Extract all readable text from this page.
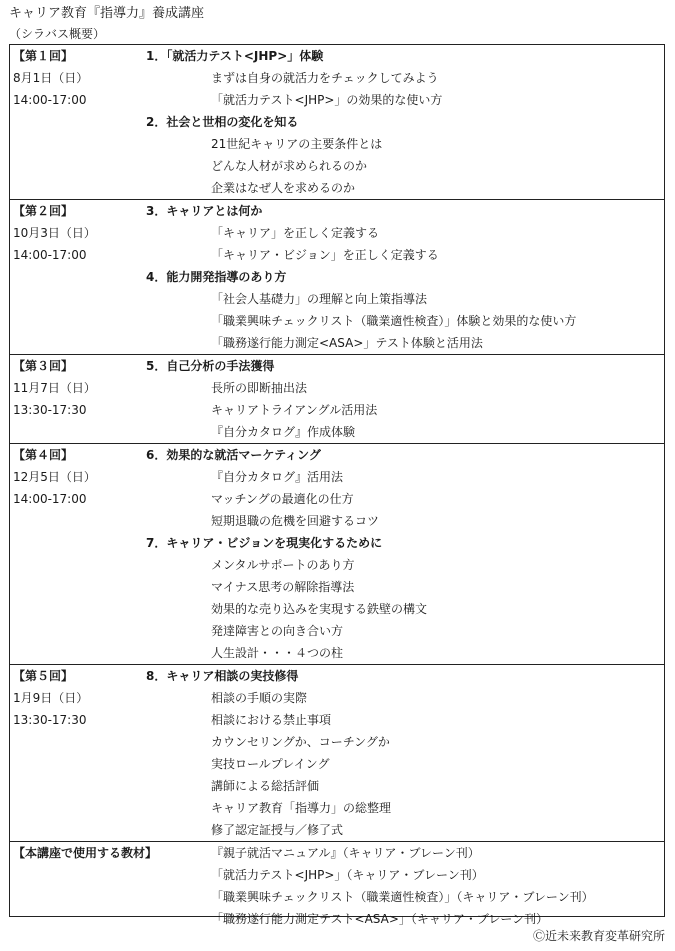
キャリア教育『指導力』養成講座
（シラバス概要）
【第１回】	1．「就活力テスト<JHP>」体験
8月1日（日）	まずは自身の就活力をチェックしてみよう
14:00-17:00	「就活力テスト<JHP>」の効果的な使い方
2．社会と世相の変化を知る
21世紀キャリアの主要条件とは
どんな人材が求められるのか
企業はなぜ人を求めるのか
【第２回】	3．キャリアとは何か
10月3日（日）	「キャリア」を正しく定義する
14:00-17:00	「キャリア・ビジョン」を正しく定義する
4．能力開発指導のあり方
「社会人基礎力」の理解と向上策指導法
「職業興味チェックリスト（職業適性検査）」体験と効果的な使い方
「職務遂行能力測定<ASA>」テスト体験と活用法
【第３回】	5．自己分析の手法獲得
11月7日（日）	長所の即断抽出法
13:30-17:30	キャリアトライアングル活用法
『自分カタログ』作成体験
【第４回】	6．効果的な就活マーケティング
12月5日（日）	『自分カタログ』活用法
14:00-17:00	マッチングの最適化の仕方
短期退職の危機を回避するコツ
7．キャリア・ビジョンを現実化するために
メンタルサポートのあり方
マイナス思考の解除指導法
効果的な売り込みを実現する鉄壁の構文
発達障害との向き合い方
人生設計・・・４つの柱
【第５回】	8．キャリア相談の実技修得
1月9日（日）	相談の手順の実際
13:30-17:30	相談における禁止事項
カウンセリングか、コーチングか
実技ロールプレイング
講師による総括評価
キャリア教育「指導力」の総整理
修了認定証授与／修了式
【本講座で使用する教材】	『親子就活マニュアル』（キャリア・ブレーン刊）
「就活力テスト<JHP>」（キャリア・ブレーン刊）
「職業興味チェックリスト（職業適性検査）」（キャリア・ブレーン刊）
「職務遂行能力測定テスト<ASA>」（キャリア・ブレーン刊）
Ⓒ近未来教育変革研究所
